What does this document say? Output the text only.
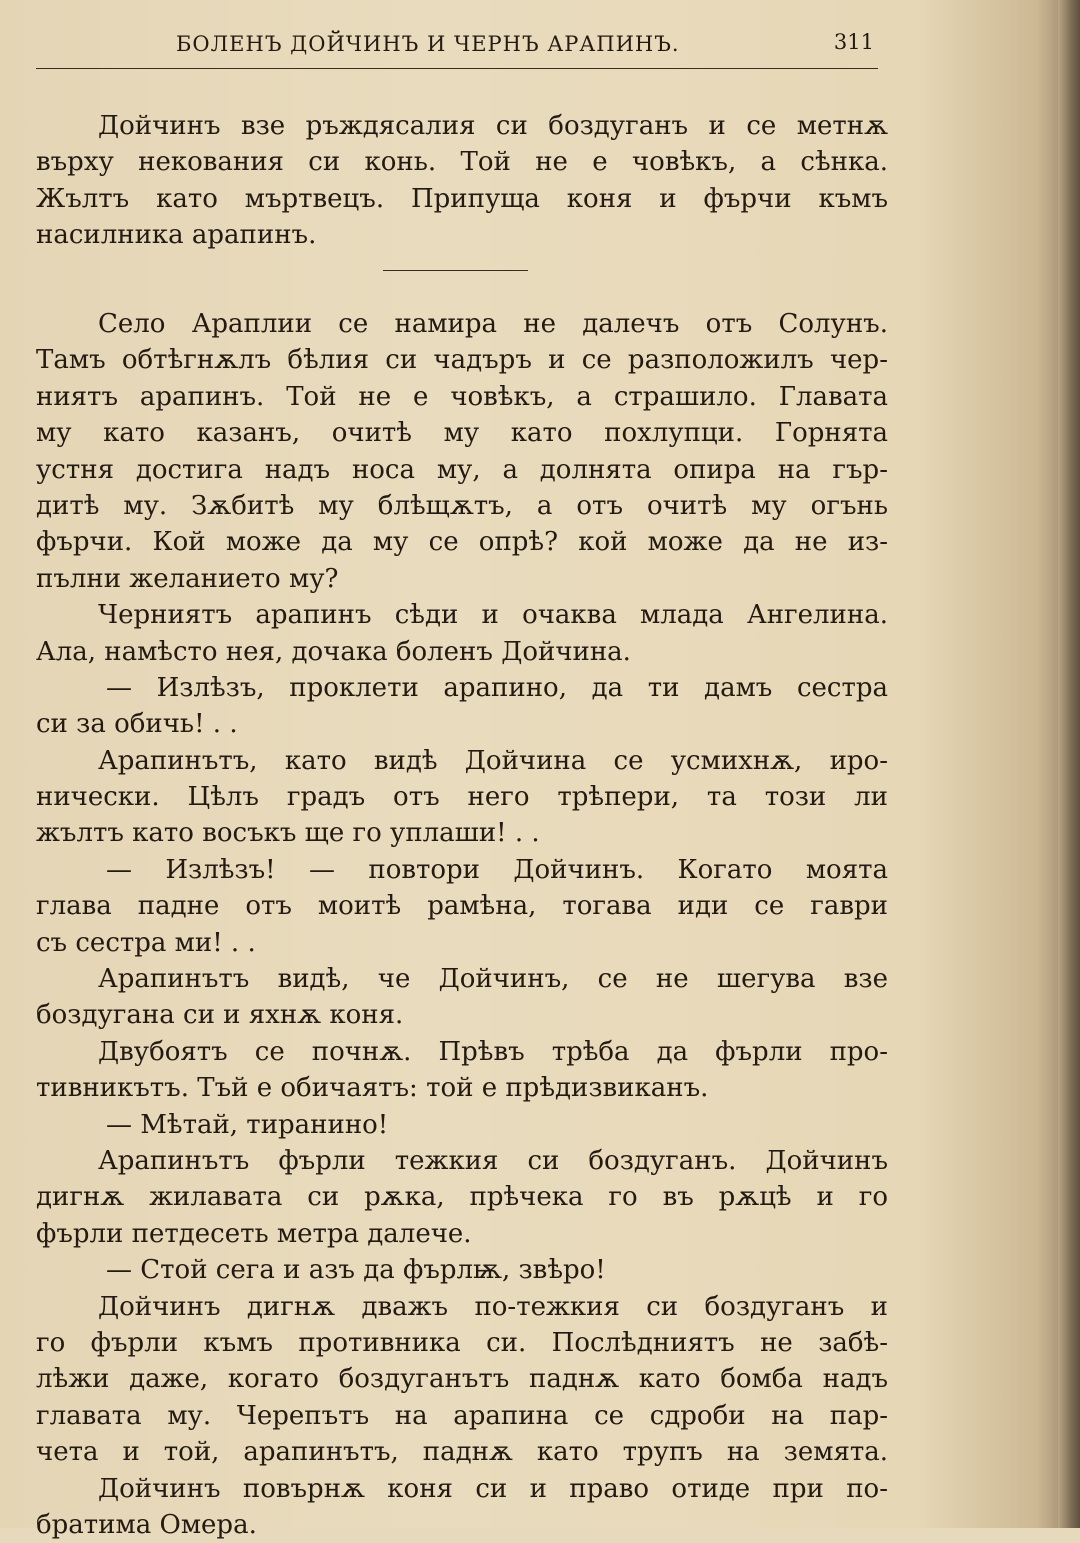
БОЛЕНЪ ДОЙЧИНЪ И ЧЕРНЪ АРАПИНЪ.	311
Дойчинъ взе ръждясалия си боздуганъ и се метнѫ
върху некования си конь. Той не е човѣкъ, а сѣнка.
Жълтъ като мъртвецъ. Припуща коня и фърчи къмъ
насилника арапинъ.
Село Араплии се намира не далечъ отъ Солунъ.
Тамъ обтѣгнѫлъ бѣлия си чадъръ и се разположилъ чер-
ниятъ арапинъ. Той не е човѣкъ, а страшило. Главата
му като казанъ, очитѣ му като похлупци. Горнята
устня достига надъ носа му, а долнята опира на гър-
дитѣ му. Зѫбитѣ му блѣщѫтъ, а отъ очитѣ му огънь
фърчи. Кой може да му се опрѣ? кой може да не из-
пълни желанието му?
Черниятъ арапинъ сѣди и очаква млада Ангелина.
Ала, намѣсто нея, дочака боленъ Дойчина.
— Излѣзъ, проклети арапино, да ти дамъ сестра
си за обичь! . .
Арапинътъ, като видѣ Дойчина се усмихнѫ, иро-
нически. Цѣлъ градъ отъ него трѣпери, та този ли
жълтъ като восъкъ ще го уплаши! . .
— Излѣзъ! — повтори Дойчинъ. Когато моята
глава падне отъ моитѣ рамѣна, тогава иди се гаври
съ сестра ми! . .
Арапинътъ видѣ, че Дойчинъ, се не шегува взе
боздугана си и яхнѫ коня.
Двубоятъ се почнѫ. Прѣвъ трѣба да фърли про-
тивникътъ. Тъй е обичаятъ: той е прѣдизвиканъ.
— Мѣтай, тиранино!
Арапинътъ фърли тежкия си боздуганъ. Дойчинъ
дигнѫ жилавата си рѫка, прѣчека го въ рѫцѣ и го
фърли петдесеть метра далече.
— Стой сега и азъ да фърлѭ, звѣро!
Дойчинъ дигнѫ дважъ по-тежкия си боздуганъ и
го фърли къмъ противника си. Послѣдниятъ не забѣ-
лѣжи даже, когато боздуганътъ паднѫ като бомба надъ
главата му. Черепътъ на арапина се сдроби на пар-
чета и той, арапинътъ, паднѫ като трупъ на земята.
Дойчинъ повърнѫ коня си и право отиде при по-
братима Омера.
